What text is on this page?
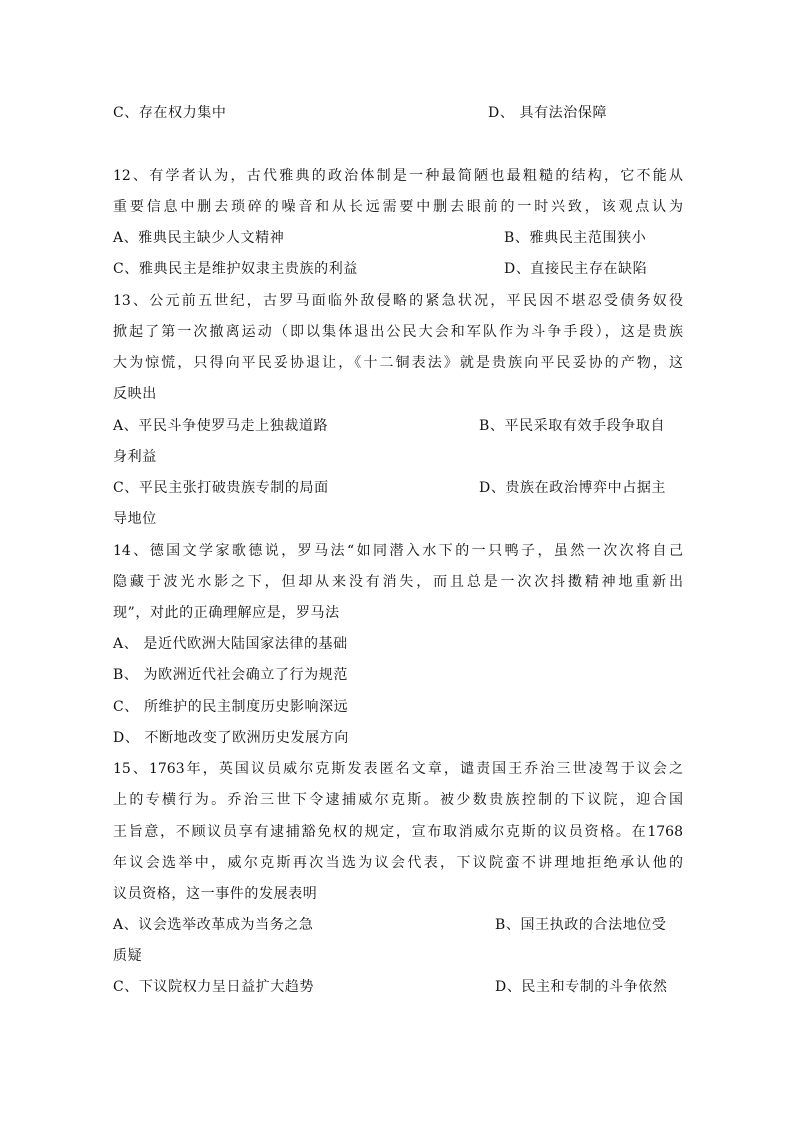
C、存在权力集中	D、 具有法治保障
12、有学者认为，古代雅典的政治体制是一种最简陋也最粗糙的结构，它不能从
重要信息中删去琐碎的噪音和从长远需要中删去眼前的一时兴致，该观点认为
A、雅典民主缺少人文精神	B、雅典民主范围狭小
C、雅典民主是维护奴隶主贵族的利益	D、直接民主存在缺陷
13、公元前五世纪，古罗马面临外敌侵略的紧急状况，平民因不堪忍受债务奴役
掀起了第一次撤离运动（即以集体退出公民大会和军队作为斗争手段），这是贵族
大为惊慌，只得向平民妥协退让，《十二铜表法》就是贵族向平民妥协的产物，这
反映出
A、平民斗争使罗马走上独裁道路	B、平民采取有效手段争取自
身利益
C、平民主张打破贵族专制的局面	D、贵族在政治博弈中占据主
导地位
14、德国文学家歌德说，罗马法“如同潜入水下的一只鸭子，虽然一次次将自己
隐藏于波光水影之下，但却从来没有消失，而且总是一次次抖擞精神地重新出
现”，对此的正确理解应是，罗马法
A、 是近代欧洲大陆国家法律的基础
B、 为欧洲近代社会确立了行为规范
C、 所维护的民主制度历史影响深远
D、 不断地改变了欧洲历史发展方向
15、1763年，英国议员威尔克斯发表匿名文章，谴责国王乔治三世凌驾于议会之
上的专横行为。乔治三世下令逮捕威尔克斯。被少数贵族控制的下议院，迎合国
王旨意，不顾议员享有逮捕豁免权的规定，宣布取消威尔克斯的议员资格。在1768
年议会选举中，威尔克斯再次当选为议会代表，下议院蛮不讲理地拒绝承认他的
议员资格，这一事件的发展表明
A、议会选举改革成为当务之急	B、国王执政的合法地位受
质疑
C、下议院权力呈日益扩大趋势	D、民主和专制的斗争依然
